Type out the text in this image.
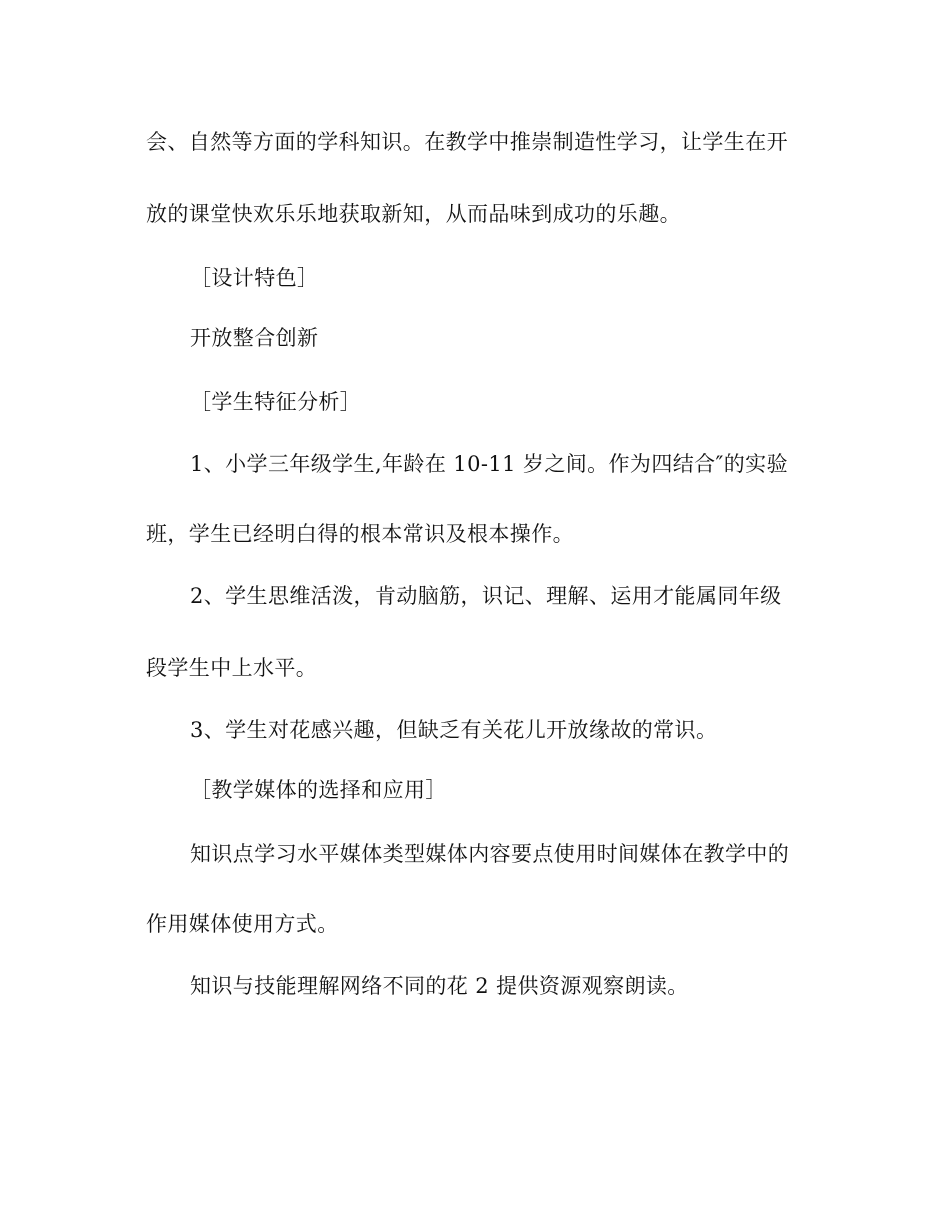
会、自然等方面的学科知识。在教学中推崇制造性学习，让学生在开
放的课堂快欢乐乐地获取新知，从而品味到成功的乐趣。
［设计特色］
开放整合创新
［学生特征分析］
1、小学三年级学生,年龄在 10-11 岁之间。作为四结合″的实验
班，学生已经明白得的根本常识及根本操作。
2、学生思维活泼，肯动脑筋，识记、理解、运用才能属同年级
段学生中上水平。
3、学生对花感兴趣，但缺乏有关花儿开放缘故的常识。
［教学媒体的选择和应用］
知识点学习水平媒体类型媒体内容要点使用时间媒体在教学中的
作用媒体使用方式。
知识与技能理解网络不同的花 2 提供资源观察朗读。
